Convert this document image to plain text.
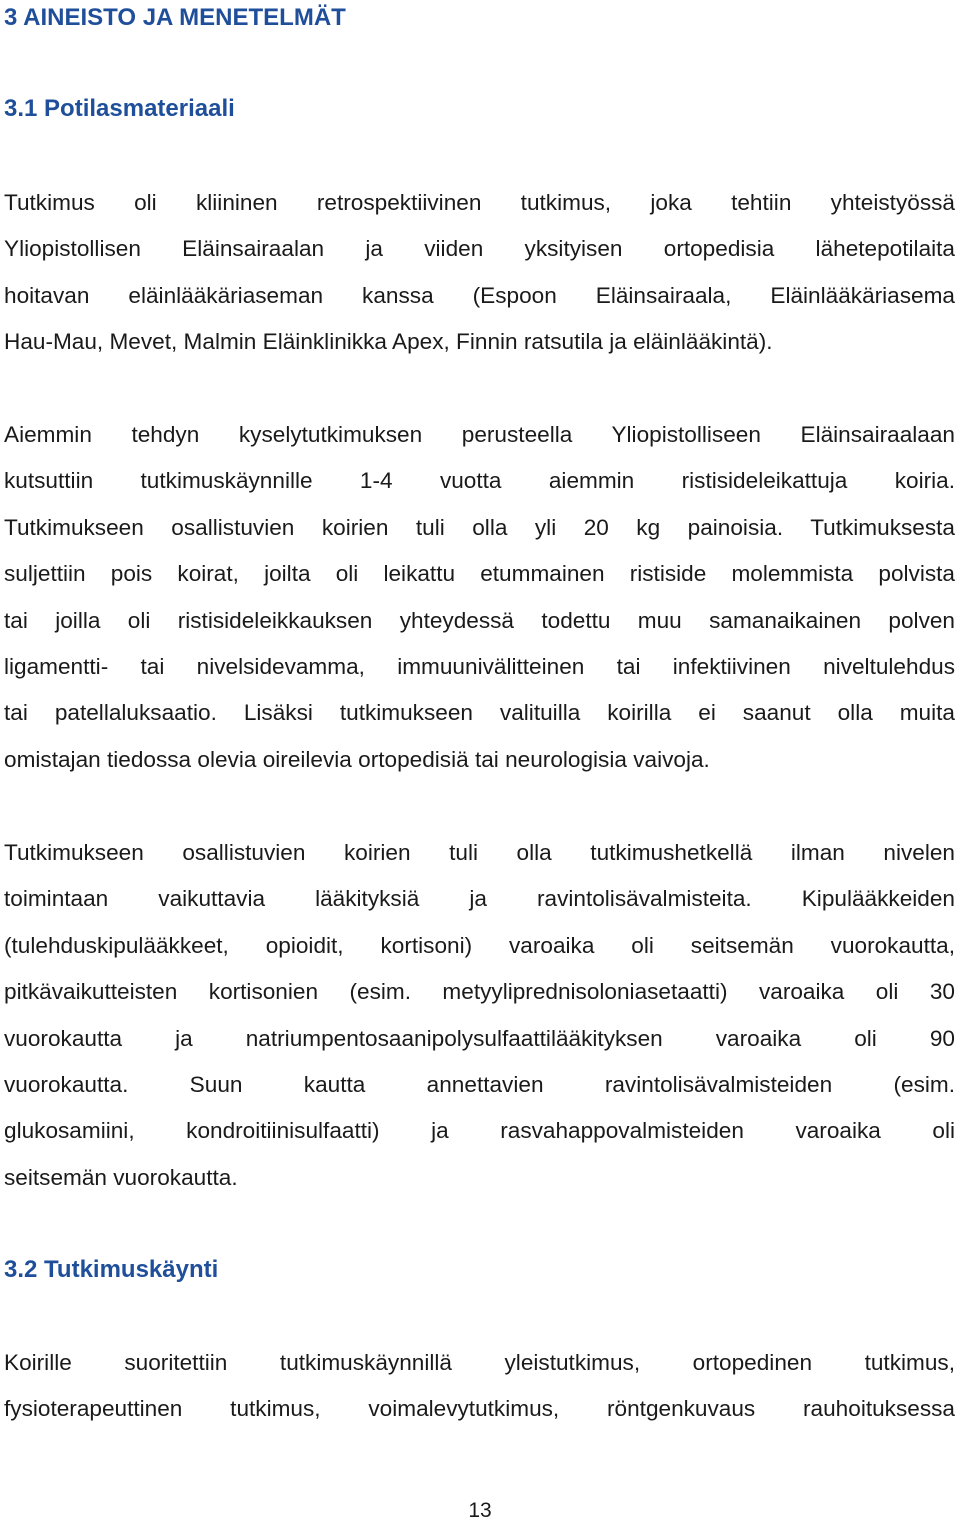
3 AINEISTO JA MENETELMÄT
3.1 Potilasmateriaali
Tutkimus oli kliininen retrospektiivinen tutkimus, joka tehtiin yhteistyössä
Yliopistollisen Eläinsairaalan ja viiden yksityisen ortopedisia lähetepotilaita
hoitavan eläinlääkäriaseman kanssa (Espoon Eläinsairaala, Eläinlääkäriasema
Hau-Mau, Mevet, Malmin Eläinklinikka Apex, Finnin ratsutila ja eläinlääkintä).
Aiemmin tehdyn kyselytutkimuksen perusteella Yliopistolliseen Eläinsairaalaan
kutsuttiin tutkimuskäynnille 1-4 vuotta aiemmin ristisideleikattuja koiria.
Tutkimukseen osallistuvien koirien tuli olla yli 20 kg painoisia. Tutkimuksesta
suljettiin pois koirat, joilta oli leikattu etummainen ristiside molemmista polvista
tai joilla oli ristisideleikkauksen yhteydessä todettu muu samanaikainen polven
ligamentti- tai nivelsidevamma, immuunivälitteinen tai infektiivinen niveltulehdus
tai patellaluksaatio. Lisäksi tutkimukseen valituilla koirilla ei saanut olla muita
omistajan tiedossa olevia oireilevia ortopedisiä tai neurologisia vaivoja.
Tutkimukseen osallistuvien koirien tuli olla tutkimushetkellä ilman nivelen
toimintaan vaikuttavia lääkityksiä ja ravintolisävalmisteita. Kipulääkkeiden
(tulehduskipulääkkeet, opioidit, kortisoni) varoaika oli seitsemän vuorokautta,
pitkävaikutteisten kortisonien (esim. metyyliprednisoloniasetaatti) varoaika oli 30
vuorokautta ja natriumpentosaanipolysulfaattilääkityksen varoaika oli 90
vuorokautta. Suun kautta annettavien ravintolisävalmisteiden (esim.
glukosamiini, kondroitiinisulfaatti) ja rasvahappovalmisteiden varoaika oli
seitsemän vuorokautta.
3.2 Tutkimuskäynti
Koirille suoritettiin tutkimuskäynnillä yleistutkimus, ortopedinen tutkimus,
fysioterapeuttinen tutkimus, voimalevytutkimus, röntgenkuvaus rauhoituksessa
13
